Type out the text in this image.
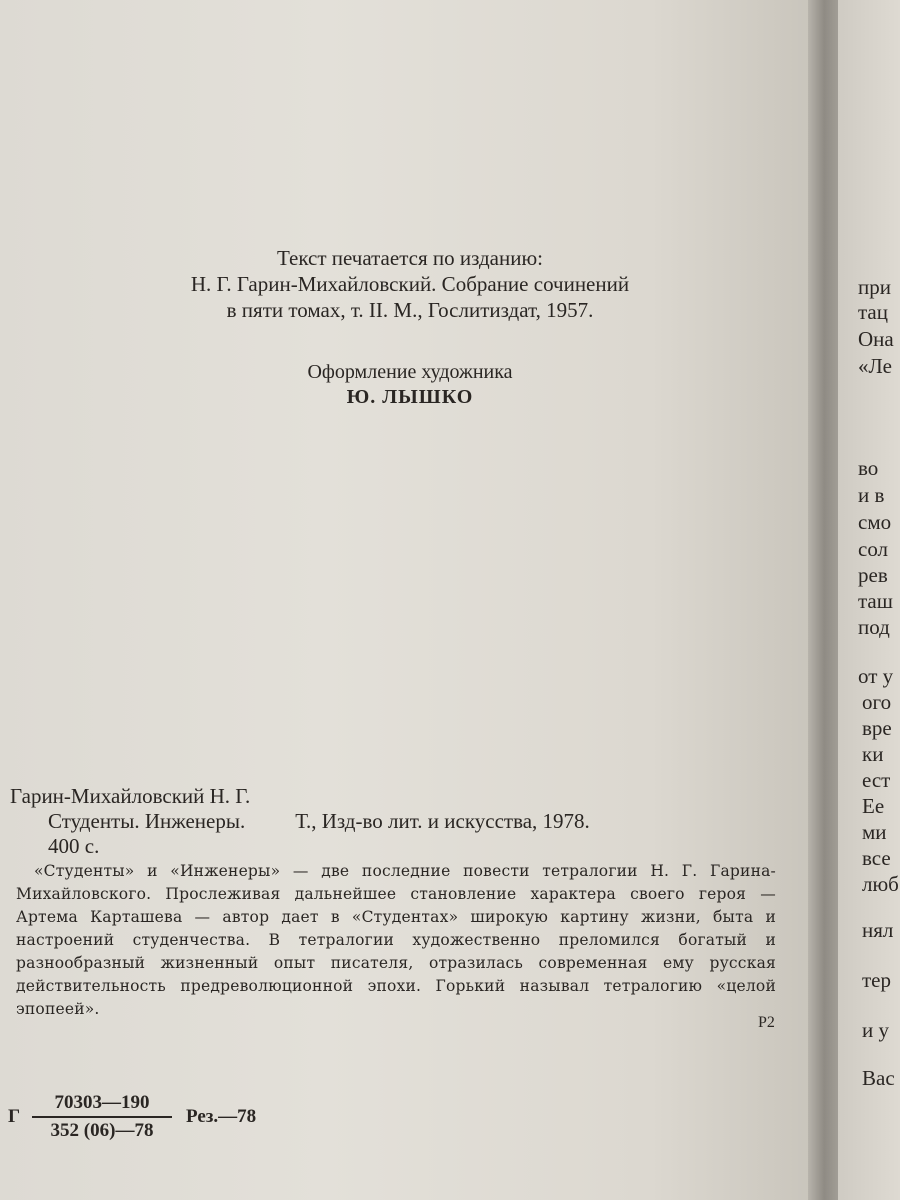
Текст печатается по изданию:
Н. Г. Гарин-Михайловский. Собрание сочинений
в пяти томах, т. II. М., Гослитиздат, 1957.
Оформление художника
Ю. ЛЫШКО
Гарин-Михайловский Н. Г.
Студенты. Инженеры. Т., Изд-во лит. и искусства, 1978.
400 с.
«Студенты» и «Инженеры» — две последние повести тетралогии Н. Г. Гарина-Михайловского. Прослеживая дальнейшее становление характера своего героя — Артема Карташева — автор дает в «Студентах» широкую картину жизни, быта и настроений студенчества. В тетралогии художественно преломился богатый и разнообразный жизненный опыт писателя, отразилась современная ему русская действительность предреволюционной эпохи. Горький называл тетралогию «целой эпопеей».
Р2
Г $\frac{70303—190}{352 (06)—78}$ Рез.—78
при
тац
Она
«Ле
во
и в
смо
сол
рев
таш
под
от у
ого
вре
ки
ест
Ее
ми
все
люб
нял
тер
и у
Вас
